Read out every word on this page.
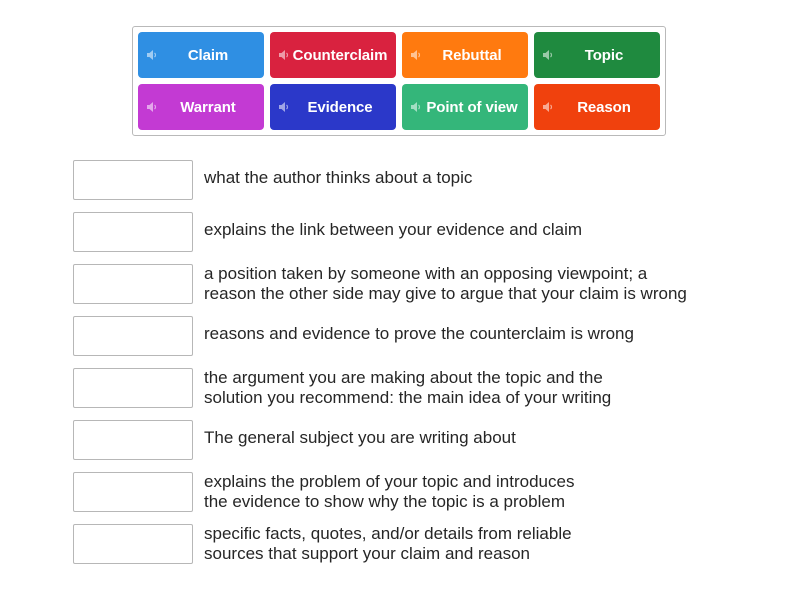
Claim	Counterclaim	Rebuttal	Topic
Warrant	Evidence	Point of view	Reason
what the author thinks about a topic
explains the link between your evidence and claim
a position taken by someone with an opposing viewpoint; a
reason the other side may give to argue that your claim is wrong
reasons and evidence to prove the counterclaim is wrong
the argument you are making about the topic and the
solution you recommend: the main idea of your writing
The general subject you are writing about
explains the problem of your topic and introduces
the evidence to show why the topic is a problem
specific facts, quotes, and/or details from reliable
sources that support your claim and reason
